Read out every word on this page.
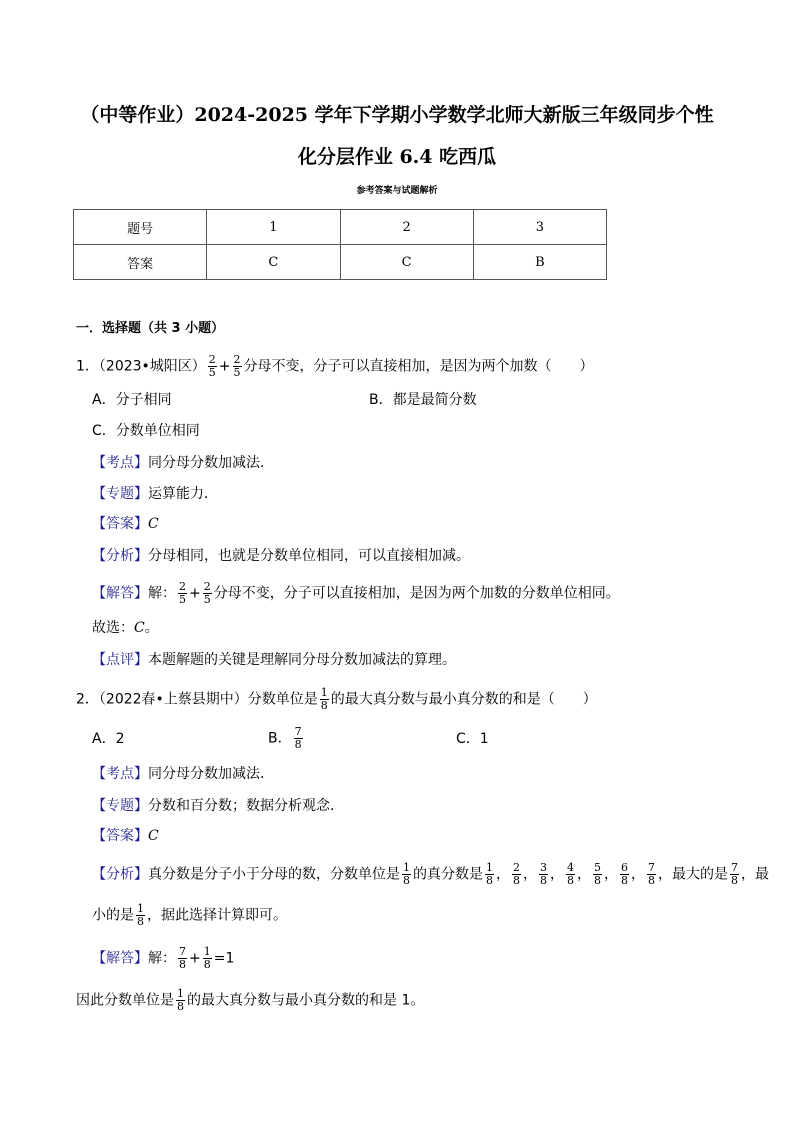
（中等作业）2024-2025 学年下学期小学数学北师大新版三年级同步个性
化分层作业 6.4 吃西瓜
参考答案与试题解析
题号	1	2	3
答案	C	C	B
一．选择题（共 3 小题）
1．（2023•城阳区） $\frac{2}{5} + \frac{2}{5}$ 分母不变，分子可以直接相加，是因为两个加数（　　）
A．分子相同	B．都是最简分数
C．分数单位相同
【考点】同分母分数加减法．
【专题】运算能力．
【答案】C
【分析】分母相同，也就是分数单位相同，可以直接相加减。
【解答】解： $\frac{2}{5} + \frac{2}{5}$ 分母不变，分子可以直接相加，是因为两个加数的分数单位相同。
故选：C。
【点评】本题解题的关键是理解同分母分数加减法的算理。
2．（2022春•上蔡县期中）分数单位是 $\frac{1}{8}$ 的最大真分数与最小真分数的和是（　　）
A．2	B． $\frac{7}{8}$	C．1
【考点】同分母分数加减法．
【专题】分数和百分数；数据分析观念．
【答案】C
【分析】真分数是分子小于分母的数，分数单位是 $\frac{1}{8}$ 的真分数是 $\frac{1}{8}$ ， $\frac{2}{8}$ ， $\frac{3}{8}$ ， $\frac{4}{8}$ ， $\frac{5}{8}$ ， $\frac{6}{8}$ ， $\frac{7}{8}$ ，最大的是 $\frac{7}{8}$ ，最
小的是 $\frac{1}{8}$ ，据此选择计算即可。
【解答】解： $\frac{7}{8} + \frac{1}{8} =1$
因此分数单位是 $\frac{1}{8}$ 的最大真分数与最小真分数的和是 1。
